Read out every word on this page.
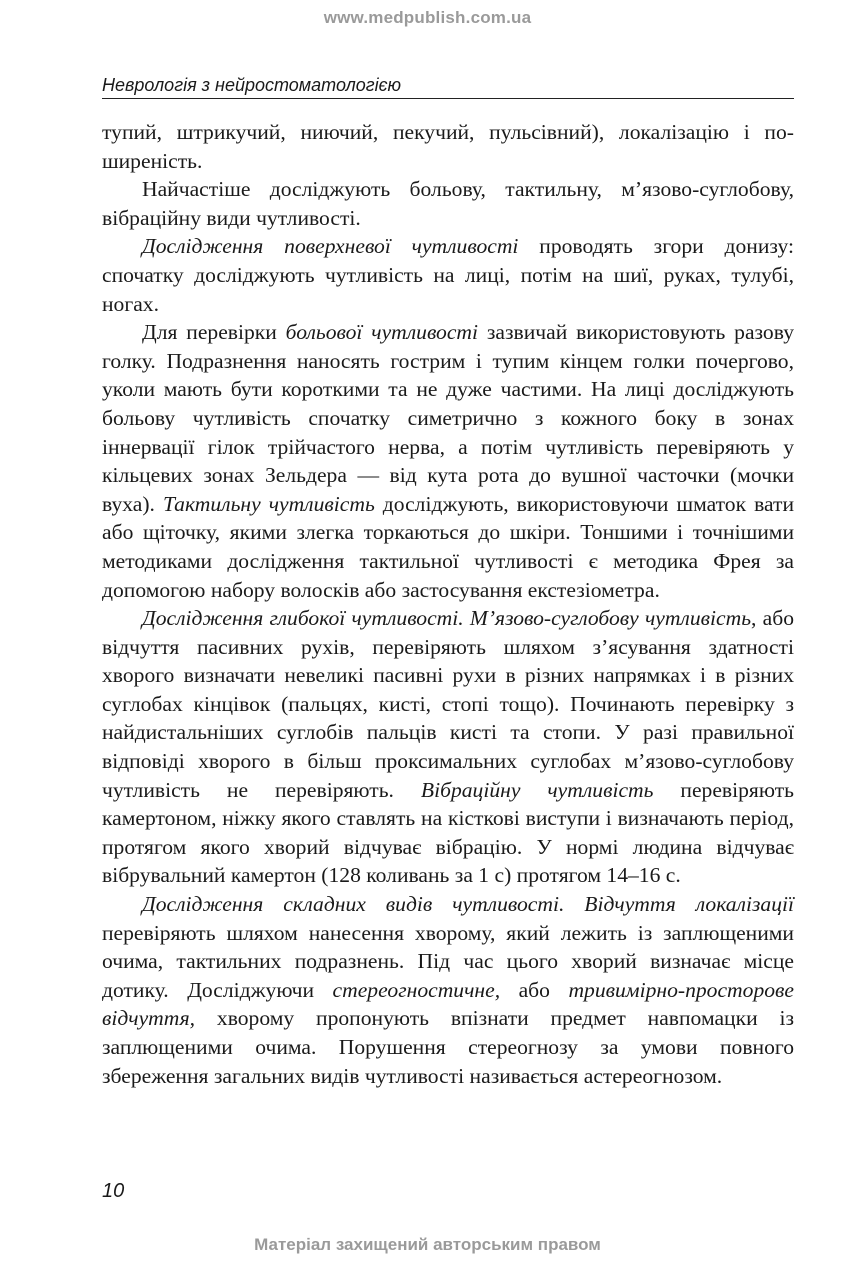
www.medpublish.com.ua
Неврологія з нейростоматологією

тупий, штрикучий, ниючий, пекучий, пульсівний), локалізацію і поширеність.

Найчастіше досліджують больову, тактильну, м’язово-суглобову, вібраційну види чутливості.

Дослідження поверхневої чутливості проводять згори донизу: спочатку досліджують чутливість на лиці, потім на шиї, руках, тулубі, ногах.

Для перевірки больової чутливості зазвичай використовують разову голку. Подразнення наносять гострим і тупим кінцем голки почергово, уколи мають бути короткими та не дуже частими. На лиці досліджують больову чутливість спочатку симетрично з кожного боку в зонах іннервації гілок трійчастого нерва, а потім чутливість перевіряють у кільцевих зонах Зельдера — від кута рота до вушної часточки (мочки вуха). Тактильну чутливість досліджують, використовуючи шматок вати або щіточку, якими злегка торкаються до шкіри. Тоншими і точнішими методиками дослідження тактильної чутливості є методика Фрея за допомогою набору волосків або застосування екстезіометра.

Дослідження глибокої чутливості. М’язово-суглобову чутливість, або відчуття пасивних рухів, перевіряють шляхом з’ясування здатності хворого визначати невеликі пасивні рухи в різних напрямках і в різних суглобах кінцівок (пальцях, кисті, стопі тощо). Починають перевірку з найдистальніших суглобів пальців кисті та стопи. У разі правильної відповіді хворого в більш проксимальних суглобах м’язово-суглобову чутливість не перевіряють. Вібраційну чутливість перевіряють камертоном, ніжку якого ставлять на кісткові виступи і визначають період, протягом якого хворий відчуває вібрацію. У нормі людина відчуває вібрувальний камертон (128 коливань за 1 с) протягом 14–16 с.

Дослідження складних видів чутливості. Відчуття локалізації перевіряють шляхом нанесення хворому, який лежить із заплющеними очима, тактильних подразнень. Під час цього хворий визначає місце дотику. Досліджуючи стереогностичне, або тривимірно-просторове відчуття, хворому пропонують впізнати предмет навпомацки із заплющеними очима. Порушення стереогнозу за умови повного збереження загальних видів чутливості називається астереогнозом.

10
Матеріал захищений авторським правом
